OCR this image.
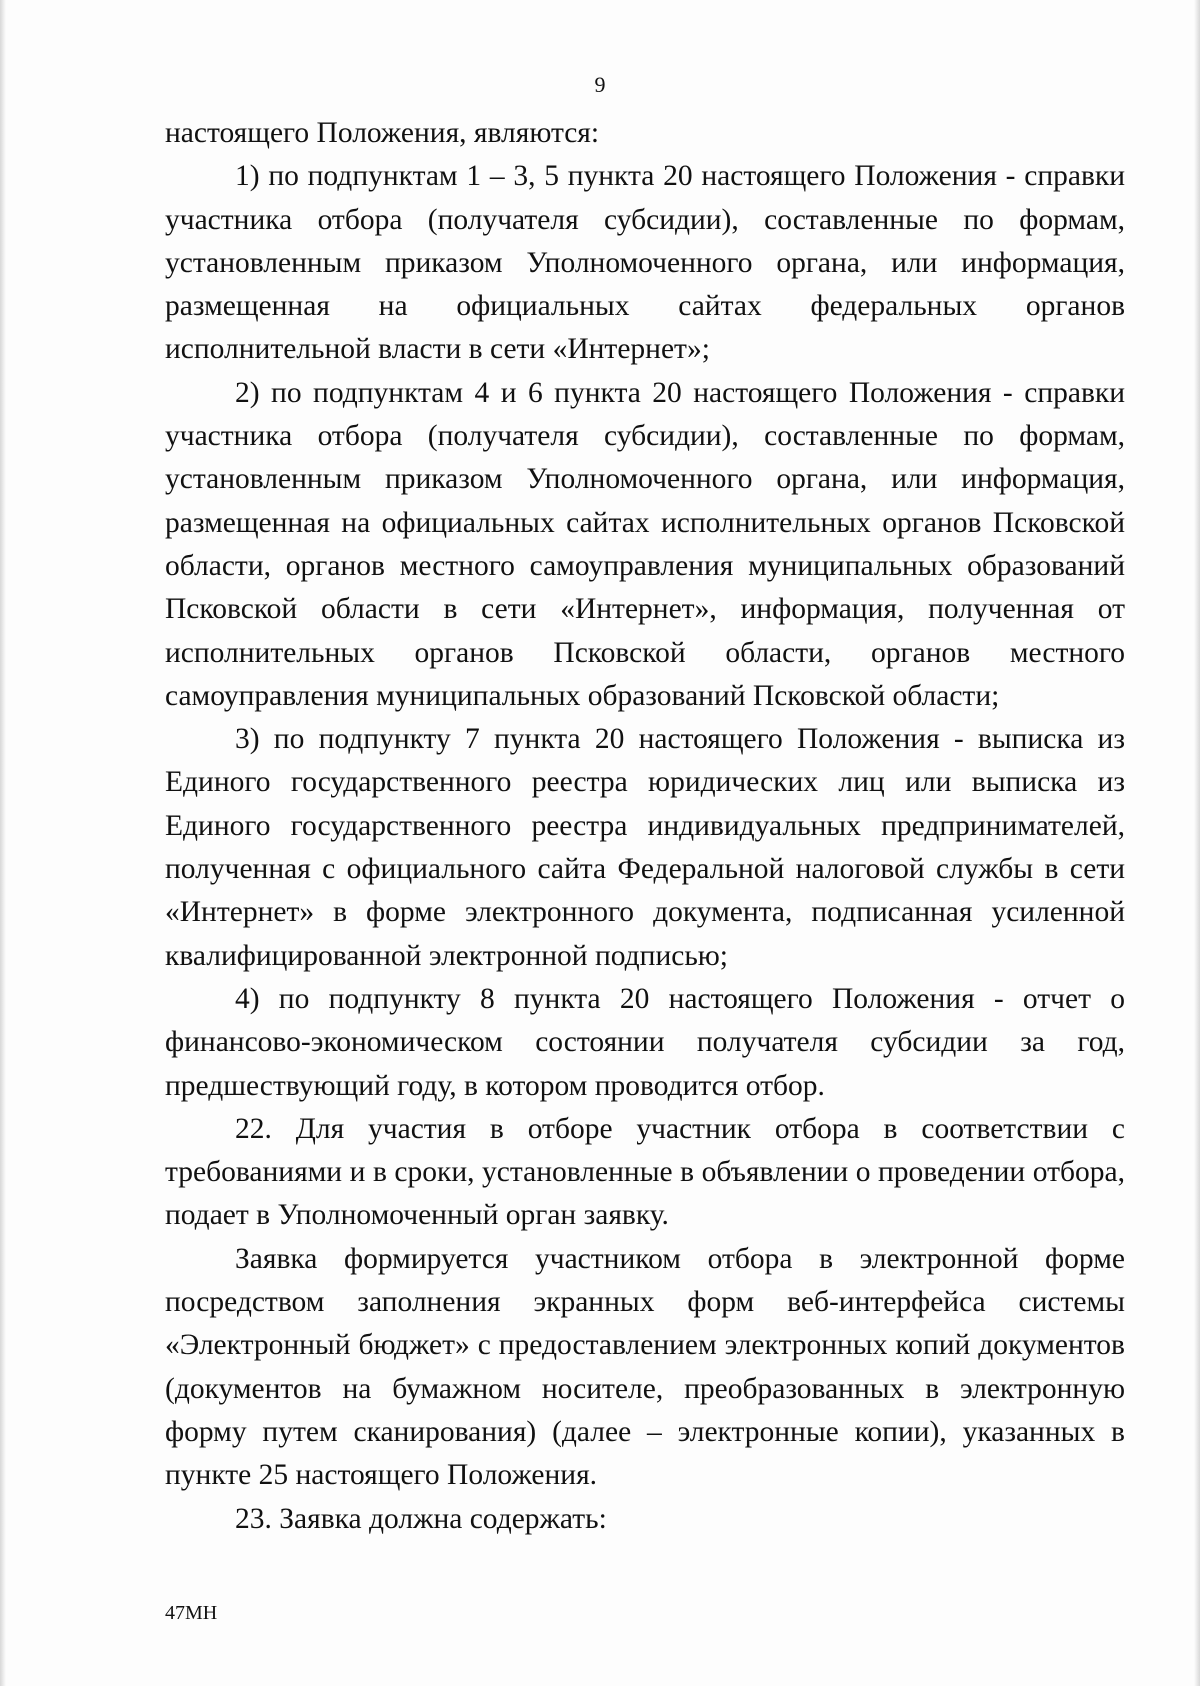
9

настоящего Положения, являются:

1) по подпунктам 1 – 3, 5 пункта 20 настоящего Положения - справки участника отбора (получателя субсидии), составленные по формам, установленным приказом Уполномоченного органа, или информация, размещенная на официальных сайтах федеральных органов исполнительной власти в сети «Интернет»;

2) по подпунктам 4 и 6 пункта 20 настоящего Положения - справки участника отбора (получателя субсидии), составленные по формам, установленным приказом Уполномоченного органа, или информация, размещенная на официальных сайтах исполнительных органов Псковской области, органов местного самоуправления муниципальных образований Псковской области в сети «Интернет», информация, полученная от исполнительных органов Псковской области, органов местного самоуправления муниципальных образований Псковской области;

3) по подпункту 7 пункта 20 настоящего Положения - выписка из Единого государственного реестра юридических лиц или выписка из Единого государственного реестра индивидуальных предпринимателей, полученная с официального сайта Федеральной налоговой службы в сети «Интернет» в форме электронного документа, подписанная усиленной квалифицированной электронной подписью;

4) по подпункту 8 пункта 20 настоящего Положения - отчет о финансово-экономическом состоянии получателя субсидии за год, предшествующий году, в котором проводится отбор.

22. Для участия в отборе участник отбора в соответствии с требованиями и в сроки, установленные в объявлении о проведении отбора, подает в Уполномоченный орган заявку.

Заявка формируется участником отбора в электронной форме посредством заполнения экранных форм веб-интерфейса системы «Электронный бюджет» с предоставлением электронных копий документов (документов на бумажном носителе, преобразованных в электронную форму путем сканирования) (далее – электронные копии), указанных в пункте 25 настоящего Положения.

23. Заявка должна содержать:

47МН
